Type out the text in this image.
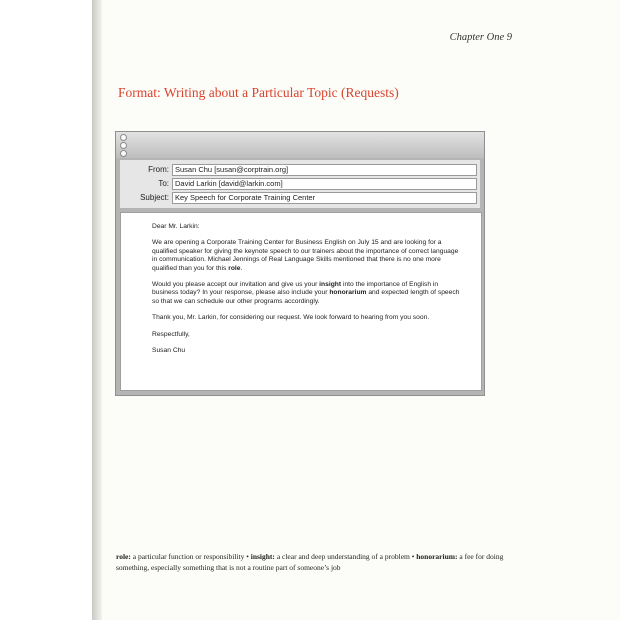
Chapter One 9
Format: Writing about a Particular Topic (Requests)
From: Susan Chu [susan@corptrain.org]
To: David Larkin [david@larkin.com]
Subject: Key Speech for Corporate Training Center

Dear Mr. Larkin:

We are opening a Corporate Training Center for Business English on July 15 and are looking for a qualified speaker for giving the keynote speech to our trainers about the importance of correct language in communication. Michael Jennings of Real Language Skills mentioned that there is no one more qualified than you for this role.

Would you please accept our invitation and give us your insight into the importance of English in business today? In your response, please also include your honorarium and expected length of speech so that we can schedule our other programs accordingly.

Thank you, Mr. Larkin, for considering our request. We look forward to hearing from you soon.

Respectfully,

Susan Chu

role: a particular function or responsibility • insight: a clear and deep understanding of a problem • honorarium: a fee for doing something, especially something that is not a routine part of someone’s job
